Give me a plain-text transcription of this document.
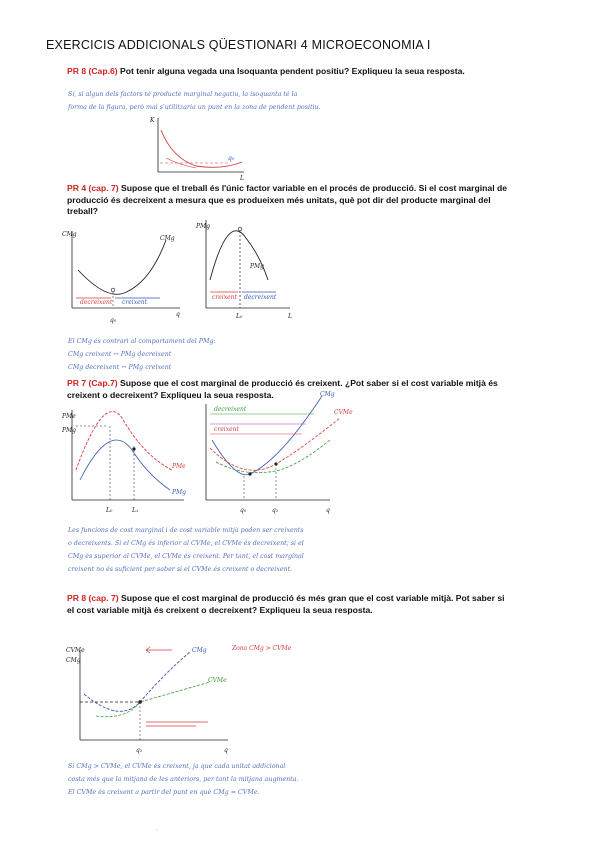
EXERCICIS ADDICIONALS QÜESTIONARI 4 MICROECONOMIA I
PR 8 (Cap.6) Pot tenir alguna vegada una Isoquanta pendent positiu? Expliqueu la seua resposta.
Sí, si algun dels factors té producte marginal negatiu, la isoquanta té la
forma de la figura, però mai s'utilitzaria un punt en la zona de pendent positiu.
PR 4 (cap. 7) Supose que el treball és l'únic factor variable en el procés de producció. Si el cost marginal de producció és decreixent a mesura que es produeixen més unitats, què pot dir del producte marginal del treball?
El CMg és contrari al comportament del PMg:
CMg creixent ↔ PMg decreixent
CMg decreixent ↔ PMg creixent
PR 7 (Cap.7) Supose que el cost marginal de producció és creixent. ¿Pot saber si el cost variable mitjà és creixent o decreixent? Expliqueu la seua resposta.
Les funcions de cost marginal i de cost variable mitjà poden ser creixents
o decreixents. Si el CMg és inferior al CVMe, el CVMe és decreixent; si el
CMg és superior al CVMe, el CVMe és creixent. Per tant, el cost marginal
creixent no és suficient per saber si el CVMe és creixent o decreixent.
PR 8 (cap. 7) Supose que el cost marginal de producció és més gran que el cost variable mitjà. Pot saber si el cost variable mitjà és creixent o decreixent? Expliqueu la seua resposta.
Si CMg > CVMe, el CVMe és creixent, ja que cada unitat addicional
costa més que la mitjana de les anteriors, per tant la mitjana augmenta.
El CVMe és creixent a partir del punt en què CMg = CVMe.
K
L
q₀
CMg
CMg
q
q₀
decreixent creixent
PMg
PMg
L
L₀
creixent decreixent
PMe
PMg
L₀	L₁
PMg
PMe
CMg
CVMe
q₀	q₁	q
decreixent
creixent
CVMe
CMg
CMg
CVMe
q₁	q
Zona CMg > CVMe
.
